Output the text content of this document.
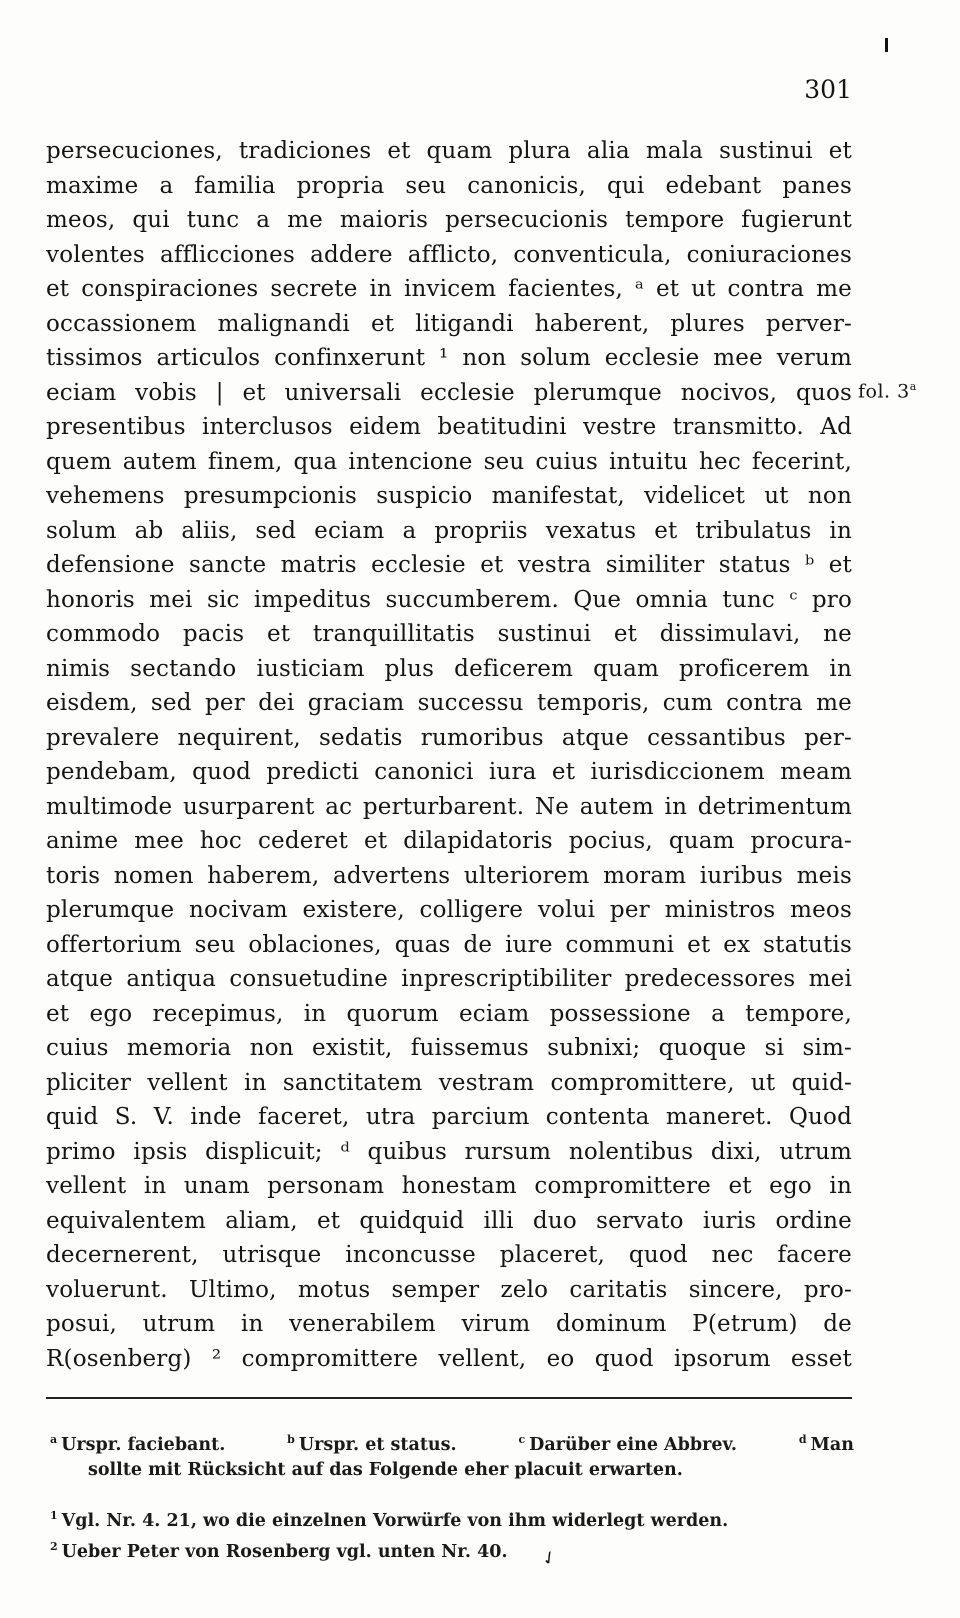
301
persecuciones, tradiciones et quam plura alia mala sustinui et
maxime a familia propria seu canonicis, qui edebant panes
meos, qui tunc a me maioris persecucionis tempore fugierunt
volentes afflicciones addere afflicto, conventicula, coniuraciones
et conspiraciones secrete in invicem facientes, ᵃ et ut contra me
occassionem malignandi et litigandi haberent, plures perver-
tissimos articulos confinxerunt ¹ non solum ecclesie mee verum
eciam vobis | et universali ecclesie plerumque nocivos, quos
presentibus interclusos eidem beatitudini vestre transmitto. Ad
quem autem finem, qua intencione seu cuius intuitu hec fecerint,
vehemens presumpcionis suspicio manifestat, videlicet ut non
solum ab aliis, sed eciam a propriis vexatus et tribulatus in
defensione sancte matris ecclesie et vestra similiter status ᵇ et
honoris mei sic impeditus succumberem. Que omnia tunc ᶜ pro
commodo pacis et tranquillitatis sustinui et dissimulavi, ne
nimis sectando iusticiam plus deficerem quam proficerem in
eisdem, sed per dei graciam successu temporis, cum contra me
prevalere nequirent, sedatis rumoribus atque cessantibus per-
pendebam, quod predicti canonici iura et iurisdiccionem meam
multimode usurparent ac perturbarent. Ne autem in detrimentum
anime mee hoc cederet et dilapidatoris pocius, quam procura-
toris nomen haberem, advertens ulteriorem moram iuribus meis
plerumque nocivam existere, colligere volui per ministros meos
offertorium seu oblaciones, quas de iure communi et ex statutis
atque antiqua consuetudine inprescriptibiliter predecessores mei
et ego recepimus, in quorum eciam possessione a tempore,
cuius memoria non existit, fuissemus subnixi; quoque si sim-
pliciter vellent in sanctitatem vestram compromittere, ut quid-
quid S. V. inde faceret, utra parcium contenta maneret. Quod
primo ipsis displicuit; ᵈ quibus rursum nolentibus dixi, utrum
vellent in unam personam honestam compromittere et ego in
equivalentem aliam, et quidquid illi duo servato iuris ordine
decernerent, utrisque inconcusse placeret, quod nec facere
voluerunt. Ultimo, motus semper zelo caritatis sincere, pro-
posui, utrum in venerabilem virum dominum P(etrum) de
R(osenberg) ² compromittere vellent, eo quod ipsorum esset
fol. 3$^a$
$^a$ Urspr. faciebant.	$^b$ Urspr. et status.	$^c$ Darüber eine Abbrev.	$^d$ Man
sollte mit Rücksicht auf das Folgende eher placuit erwarten.
$^1$ Vgl. Nr. 4. 21, wo die einzelnen Vorwürfe von ihm widerlegt werden.
$^2$ Ueber Peter von Rosenberg vgl. unten Nr. 40.	✓
